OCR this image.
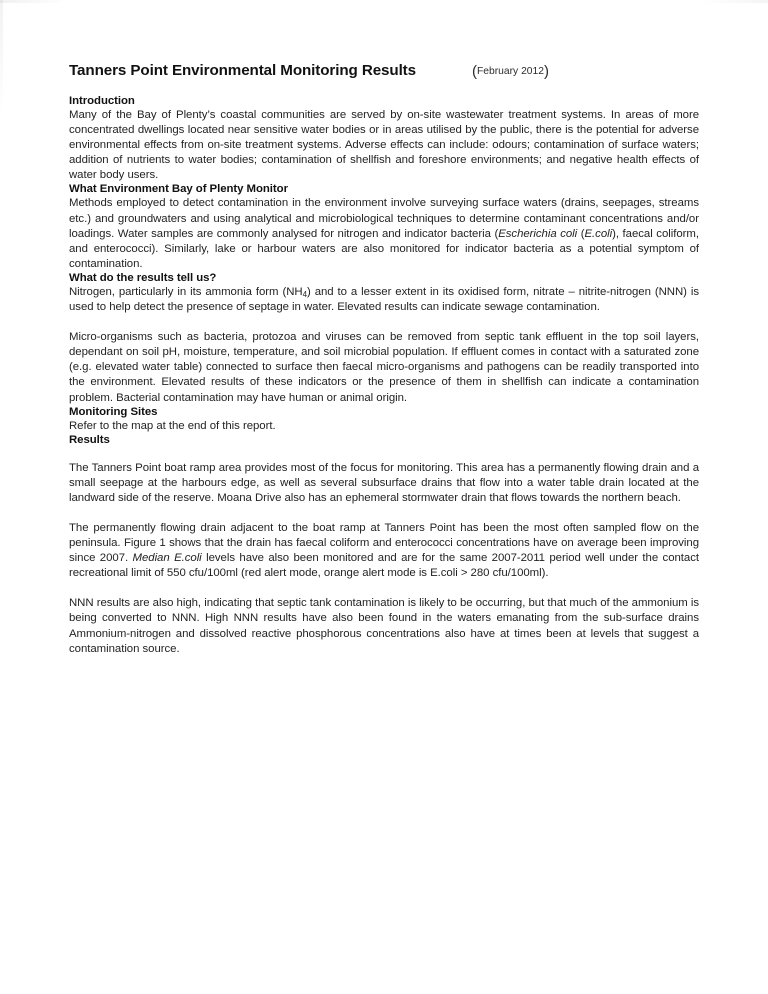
Tanners Point Environmental Monitoring Results	(February 2012)
Introduction

Many of the Bay of Plenty’s coastal communities are served by on-site wastewater treatment systems. In areas of more concentrated dwellings located near sensitive water bodies or in areas utilised by the public, there is the potential for adverse environmental effects from on-site treatment systems. Adverse effects can include: odours; contamination of surface waters; addition of nutrients to water bodies; contamination of shellfish and foreshore environments; and negative health effects of water body users.

What Environment Bay of Plenty Monitor

Methods employed to detect contamination in the environment involve surveying surface waters (drains, seepages, streams etc.) and groundwaters and using analytical and microbiological techniques to determine contaminant concentrations and/or loadings. Water samples are commonly analysed for nitrogen and indicator bacteria (Escherichia coli (E.coli), faecal coliform, and enterococci). Similarly, lake or harbour waters are also monitored for indicator bacteria as a potential symptom of contamination.

What do the results tell us?

Nitrogen, particularly in its ammonia form $(NH_4)$ and to a lesser extent in its oxidised form, nitrate – nitrite-nitrogen (NNN) is used to help detect the presence of septage in water. Elevated results can indicate sewage contamination.

Micro-organisms such as bacteria, protozoa and viruses can be removed from septic tank effluent in the top soil layers, dependant on soil pH, moisture, temperature, and soil microbial population. If effluent comes in contact with a saturated zone (e.g. elevated water table) connected to surface then faecal micro-organisms and pathogens can be readily transported into the environment. Elevated results of these indicators or the presence of them in shellfish can indicate a contamination problem. Bacterial contamination may have human or animal origin.

Monitoring Sites

Refer to the map at the end of this report.

Results

The Tanners Point boat ramp area provides most of the focus for monitoring. This area has a permanently flowing drain and a small seepage at the harbours edge, as well as several subsurface drains that flow into a water table drain located at the landward side of the reserve. Moana Drive also has an ephemeral stormwater drain that flows towards the northern beach.

The permanently flowing drain adjacent to the boat ramp at Tanners Point has been the most often sampled flow on the peninsula. Figure 1 shows that the drain has faecal coliform and enterococci concentrations have on average been improving since 2007. Median E.coli levels have also been monitored and are for the same 2007-2011 period well under the contact recreational limit of 550 cfu/100ml (red alert mode, orange alert mode is E.coli > 280 cfu/100ml).

NNN results are also high, indicating that septic tank contamination is likely to be occurring, but that much of the ammonium is being converted to NNN. High NNN results have also been found in the waters emanating from the sub-surface drains Ammonium-nitrogen and dissolved reactive phosphorous concentrations also have at times been at levels that suggest a contamination source.
